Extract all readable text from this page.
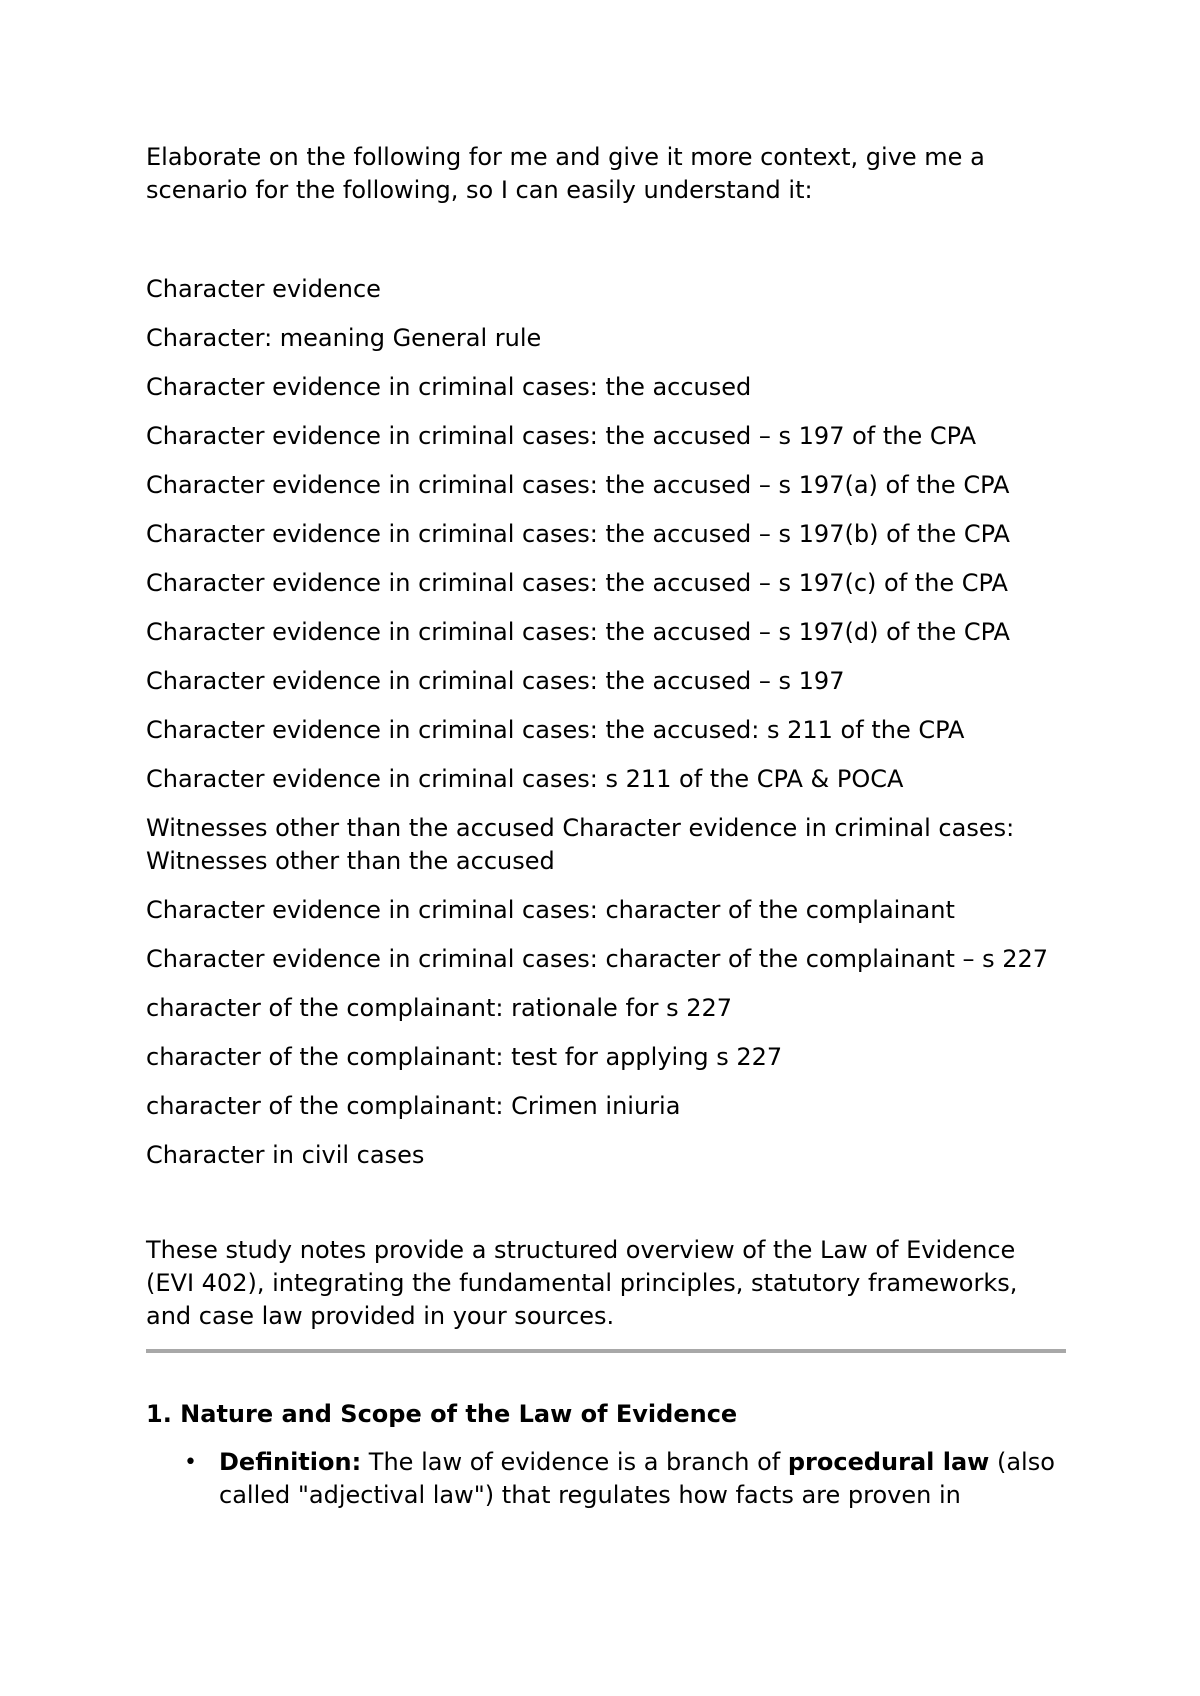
Elaborate on the following for me and give it more context, give me a scenario for the following, so I can easily understand it:

Character evidence
Character: meaning General rule
Character evidence in criminal cases: the accused
Character evidence in criminal cases: the accused – s 197 of the CPA
Character evidence in criminal cases: the accused – s 197(a) of the CPA
Character evidence in criminal cases: the accused – s 197(b) of the CPA
Character evidence in criminal cases: the accused – s 197(c) of the CPA
Character evidence in criminal cases: the accused – s 197(d) of the CPA
Character evidence in criminal cases: the accused – s 197
Character evidence in criminal cases: the accused: s 211 of the CPA
Character evidence in criminal cases: s 211 of the CPA & POCA
Witnesses other than the accused Character evidence in criminal cases: Witnesses other than the accused
Character evidence in criminal cases: character of the complainant
Character evidence in criminal cases: character of the complainant – s 227
character of the complainant: rationale for s 227
character of the complainant: test for applying s 227
character of the complainant: Crimen iniuria
Character in civil cases

These study notes provide a structured overview of the Law of Evidence (EVI 402), integrating the fundamental principles, statutory frameworks, and case law provided in your sources.

1. Nature and Scope of the Law of Evidence
• Definition: The law of evidence is a branch of procedural law (also called "adjectival law") that regulates how facts are proven in
